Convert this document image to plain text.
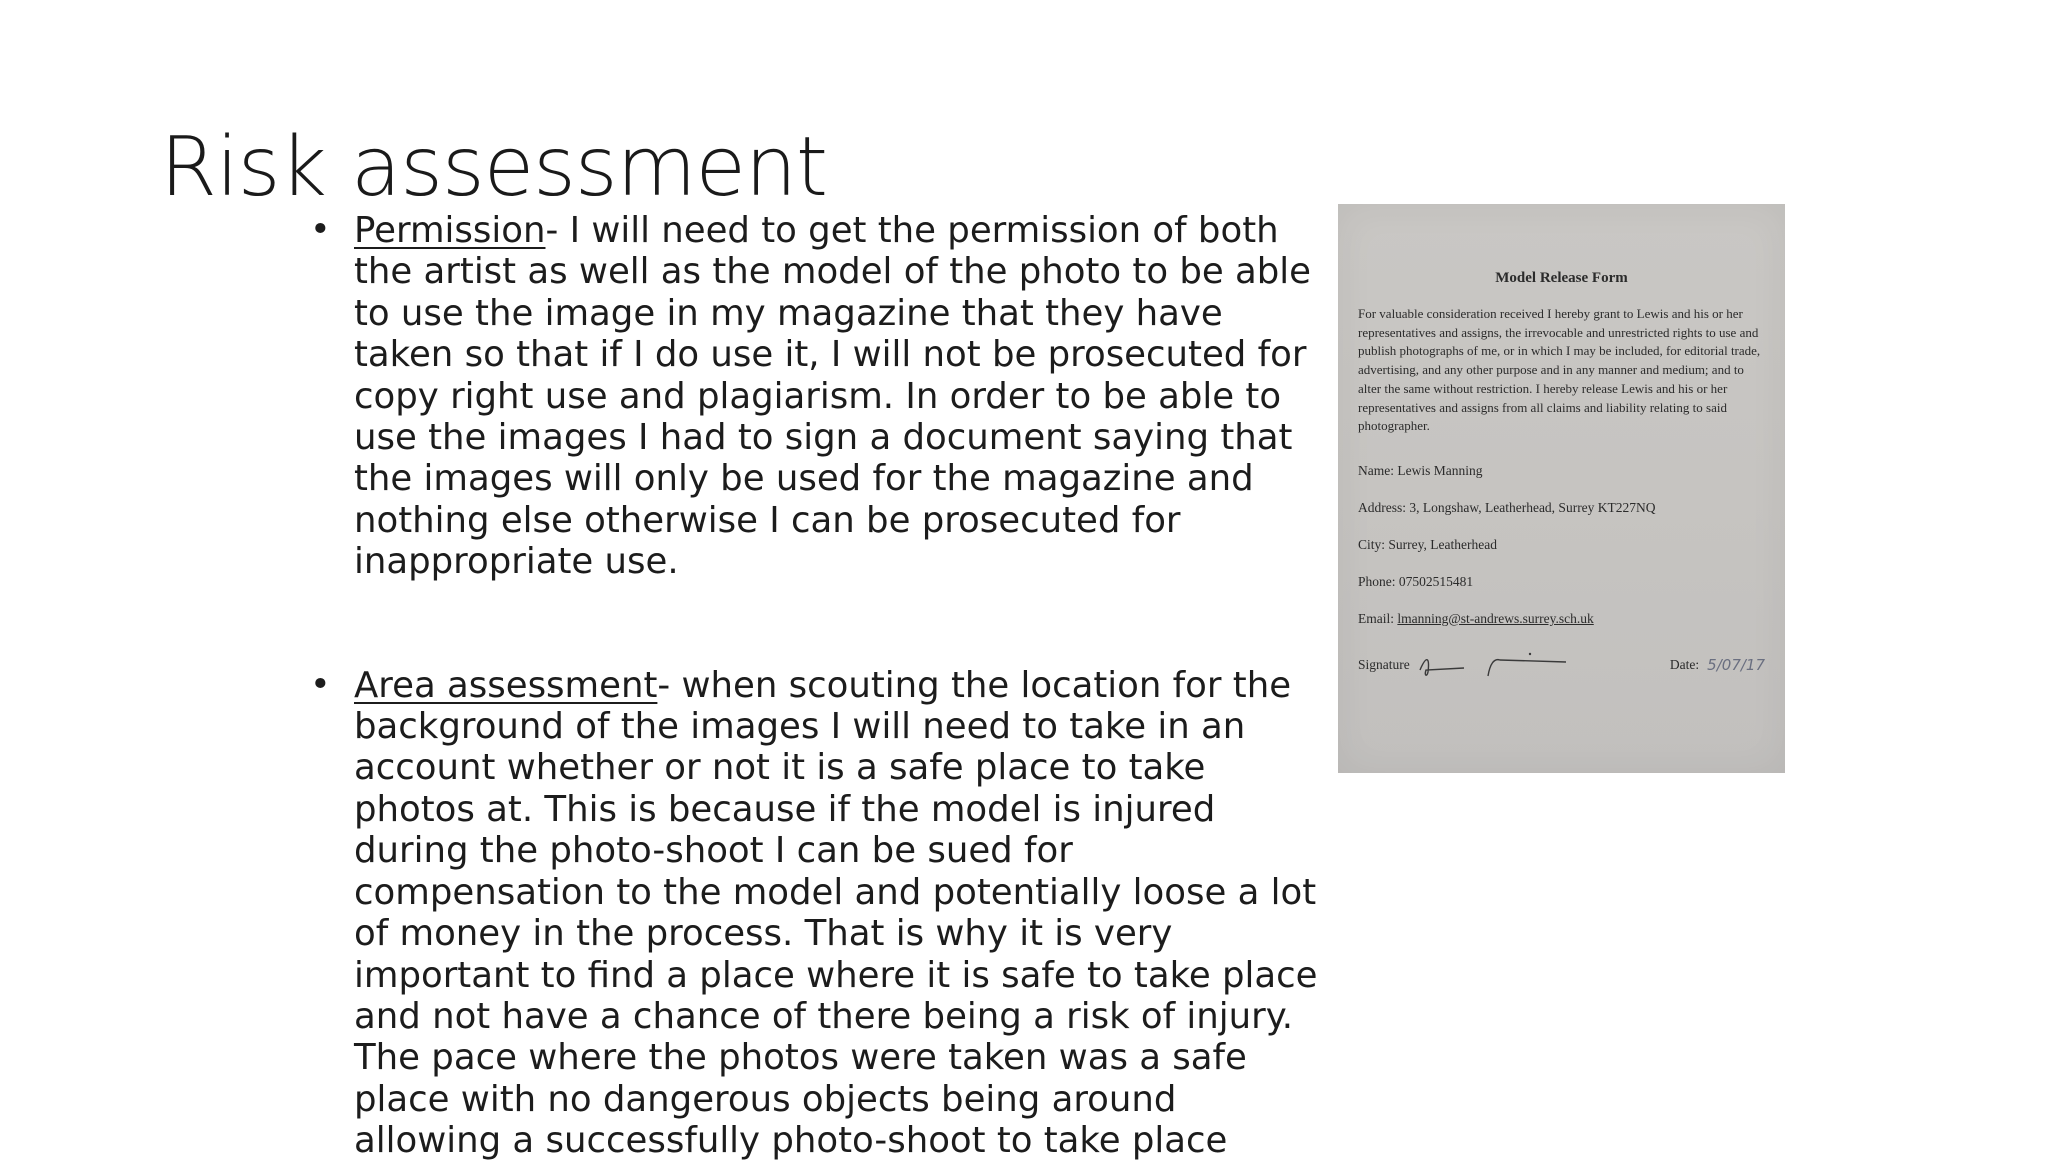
Risk assessment
• Permission- I will need to get the permission of both the artist as well as the model of the photo to be able to use the image in my magazine that they have taken so that if I do use it, I will not be prosecuted for copy right use and plagiarism. In order to be able to use the images I had to sign a document saying that the images will only be used for the magazine and nothing else otherwise I can be prosecuted for inappropriate use.
• Area assessment- when scouting the location for the background of the images I will need to take in an account whether or not it is a safe place to take photos at. This is because if the model is injured during the photo-shoot I can be sued for compensation to the model and potentially loose a lot of money in the process. That is why it is very important to find a place where it is safe to take place and not have a chance of there being a risk of injury. The pace where the photos were taken was a safe place with no dangerous objects being around allowing a successfully photo-shoot to take place
Model Release Form

For valuable consideration received I hereby grant to Lewis and his or her representatives and assigns, the irrevocable and unrestricted rights to use and publish photographs of me, or in which I may be included, for editorial trade, advertising, and any other purpose and in any manner and medium; and to alter the same without restriction. I hereby release Lewis and his or her representatives and assigns from all claims and liability relating to said photographer.

Name: Lewis Manning
Address: 3, Longshaw, Leatherhead, Surrey KT227NQ
City: Surrey, Leatherhead
Phone: 07502515481
Email: lmanning@st-andrews.surrey.sch.uk
Signature	Date: 5/07/17
